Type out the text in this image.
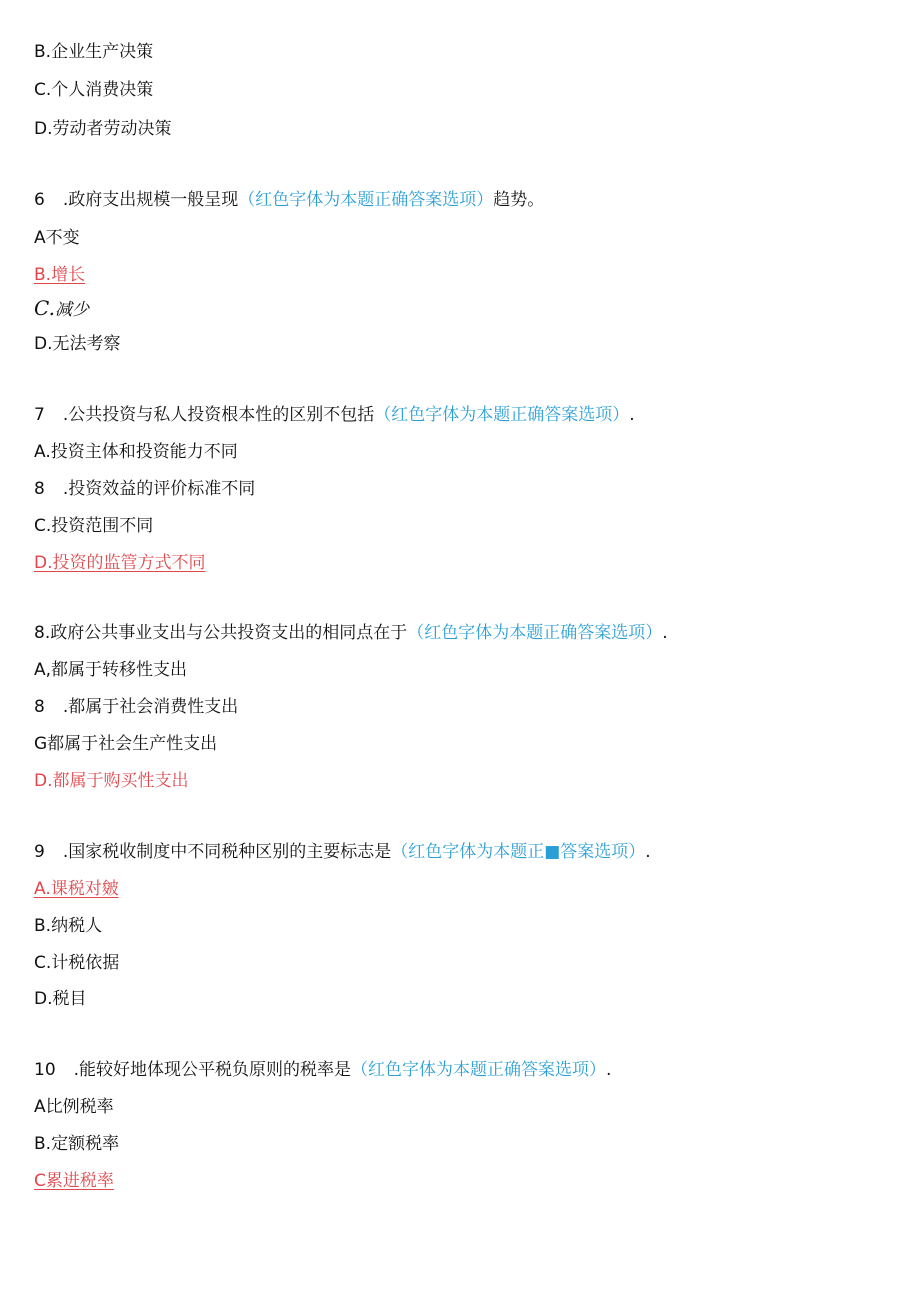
B.企业生产决策
C.个人消费决策
D.劳动者劳动决策
6 .政府支出规模一般呈现（红色字体为本题正确答案选项）趋势。
A不变
B.增长
C.减少
D.无法考察
7 .公共投资与私人投资根本性的区别不包括（红色字体为本题正确答案选项）.
A.投资主体和投资能力不同
8 .投资效益的评价标准不同
C.投资范围不同
D.投资的监管方式不同
8.政府公共事业支出与公共投资支出的相同点在于（红色字体为本题正确答案选项）.
A,都属于转移性支出
8 .都属于社会消费性支出
G都属于社会生产性支出
D.都属于购买性支出
9 .国家税收制度中不同税种区别的主要标志是（红色字体为本题正■答案选项）.
A.课税对皴
B.纳税人
C.计税依据
D.税目
10 .能较好地体现公平税负原则的税率是（红色字体为本题正确答案选项）.
A比例税率
B.定额税率
C累进税率
